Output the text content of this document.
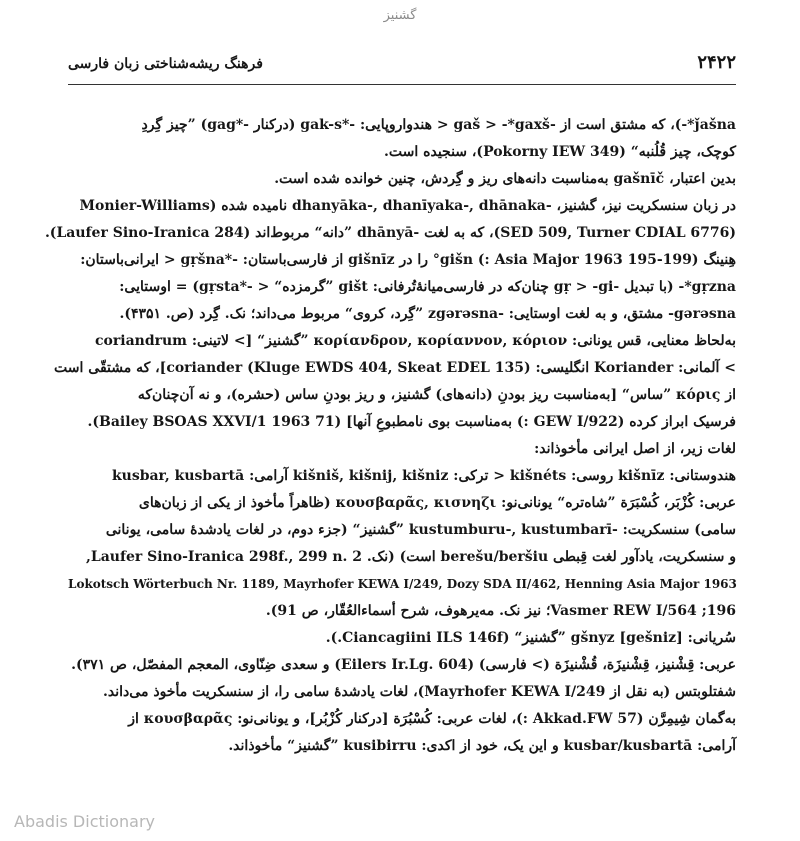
گشنیز
فرهنگ ریشه‌شناختی زبان فارسی	۲۴۲۲
‎*ǰašna-)، که مشتق است از -gaš > -*gaxš < هندواروپایی: -*gak-s (درکنار -*gag) ”چیز گِردِ
کوچک، چیز قُلُنبه“ (Pokorny IEW 349)، سنجیده است.
بدین اعتبار، gašnīč به‌مناسبت دانه‌های ریز و گِردش، چنین خوانده شده است.
در زبان سنسکریت نیز، گشنیز، -dhanyāka-, dhanīyaka-, dhānaka نامیده شده (Monier-Williams
(SED 509, Turner CDIAL 6776)، که به لغت -dhānyā ”دانه“ مربوط‌اند (Laufer Sino-Iranica 284).
هِنینگ (Asia Major 1963 195-199 :) gišn° را در gišnīz از فارسی‌باستان: -*gṛšna < ایرانی‌باستان:
‎*gṛzna- (با تبدیل -gṛ > -gi چنان‌که در فارسی‌میانهٔ‌تُرفانی: gišt ”گرمزده“ < -*gṛsta) = اوستایی:
‎-gərəsna مشتق، و به لغت اوستایی: -zgərəsna ”گِرد، کروی“ مربوط می‌داند؛ نک. گِرد (ص. ۴۳۵۱).
به‌لحاظ معنایی، قس یونانی: κορίανδρον, κορίαννον, κόριον ”گشنیز“ [> لاتینی: coriandrum
> آلمانی: Koriander انگلیسی: coriander (Kluge EWDS 404, Skeat EDEL 135)]، که مشتقّی است
از κόρις ”ساس“ [به‌مناسبت ریز بودنِ (دانه‌های) گشنیز، و ریز بودنِ ساس (حشره)، و نه آن‌چنان‌که
فرسیک ابراز کرده (GEW I/922 :) به‌مناسبت بوی نامطبوعِ آنها] (Bailey BSOAS XXVI/1 1963 71).
لغات زیر، از اصل ایرانی مأخوذاند:
هندوستانی: kišnīz روسی: kišnéts < ترکی: kišniš, kišnij, kišniz آرامی: kusbar, kusbartā
عربی: کُزْبَر، کُسْبَرَة ”شاه‌تره“ یونانی‌نو: κουσβαρᾶς, κισνηζι (ظاهراً مأخوذ از یکی از زبان‌های
سامی) سنسکریت: -kustumburu-, kustumbarī ”گشنیز“ (جزء دوم، در لغات یادشدهٔ سامی، یونانی
و سنسکریت، یادآور لغت قِبطی berešu/beršiu است) (نک. Laufer Sino-Iranica 298f., 299 n. 2,
Lokotsch Wörterbuch Nr. 1189, Mayrhofer KEWA I/249, Dozy SDA II/462, Henning Asia Major 1963
196; Vasmer REW I/564؛ نیز نک. مه‌یرهوف، شرح أسماء‌العُقّار، ص 91).
سُریانی: gšnyz [gešniz] ”گشنیز“ (Ciancagiini ILS 146f.).
عربی: قِشْنیز، قِشْنیزَة، قُشْنیزَة (> فارسی) (Eilers Ir.Lg. 604) و سعدی ضِنّاوی، المعجم المفصّل، ص ۳۷۱).
شفتلوبتس (به نقل از Mayrhofer KEWA I/249)، لغات یادشدهٔ سامی را، از سنسکریت مأخوذ می‌داند.
به‌گمان شِیمِرَّن (Akkad.FW 57 :)، لغات عربی: کُسْبُرَة [درکنار کُزْبُر]، و یونانی‌نو: κουσβαρᾶς از
آرامی: kusbar/kusbartā و این یک، خود از اکدی: kusibirru ”گشنیز“ مأخوذاند.
Abadis Dictionary
